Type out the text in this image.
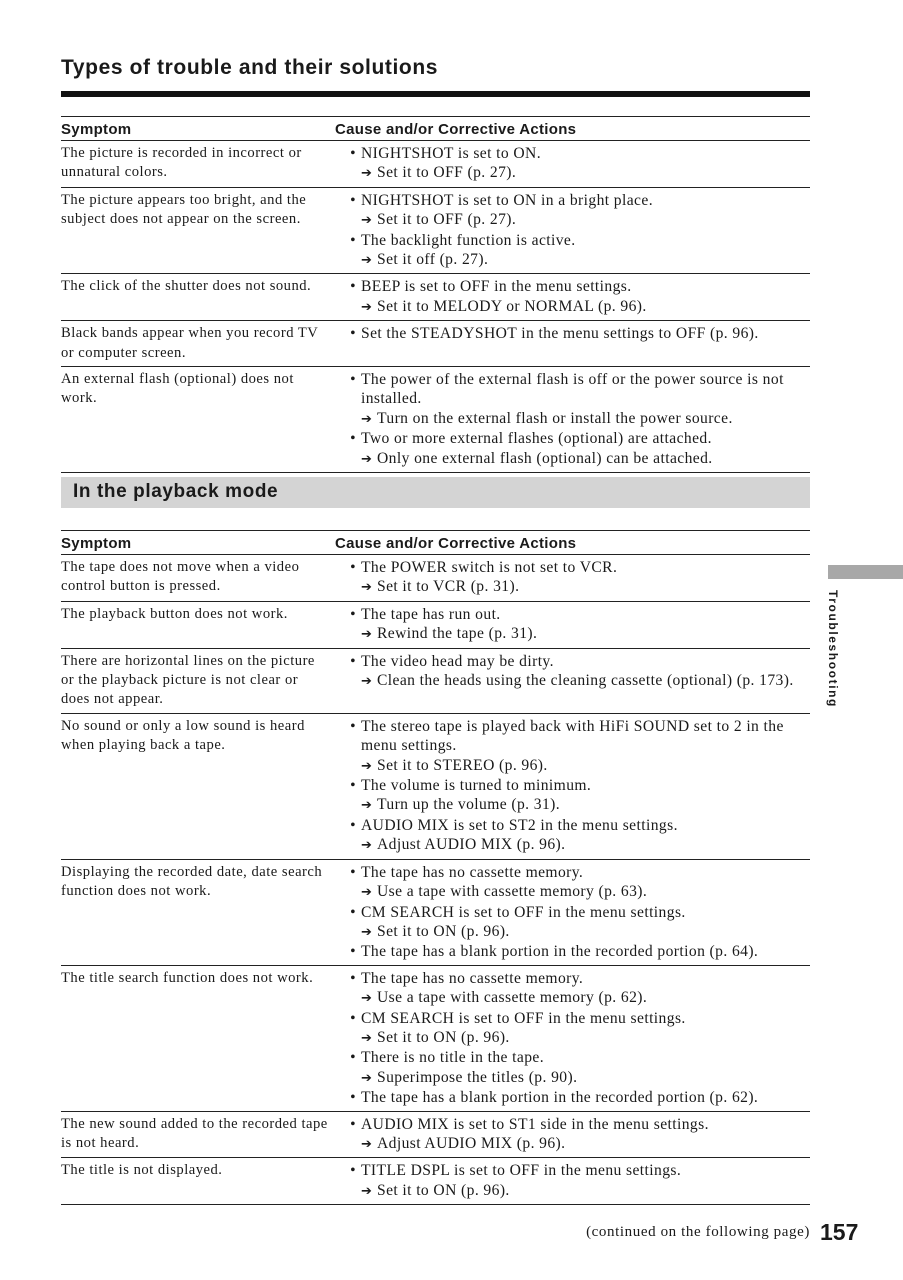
Types of trouble and their solutions
Symptom	Cause and/or Corrective Actions
The picture is recorded in incorrect or unnatural colors.
• NIGHTSHOT is set to ON.
➔ Set it to OFF (p. 27).
The picture appears too bright, and the subject does not appear on the screen.
• NIGHTSHOT is set to ON in a bright place.
➔ Set it to OFF (p. 27).
• The backlight function is active.
➔ Set it off (p. 27).
The click of the shutter does not sound.	• BEEP is set to OFF in the menu settings.
➔ Set it to MELODY or NORMAL (p. 96).
Black bands appear when you record TV or computer screen.
• Set the STEADYSHOT in the menu settings to OFF (p. 96).
An external flash (optional) does not work.
• The power of the external flash is off or the power source is not installed.
➔ Turn on the external flash or install the power source.
• Two or more external flashes (optional) are attached.
➔ Only one external flash (optional) can be attached.
In the playback mode
Symptom	Cause and/or Corrective Actions
The tape does not move when a video control button is pressed.
• The POWER switch is not set to VCR.
➔ Set it to VCR (p. 31).
The playback button does not work.	• The tape has run out.
➔ Rewind the tape (p. 31).
There are horizontal lines on the picture or the playback picture is not clear or does not appear.
• The video head may be dirty.
➔ Clean the heads using the cleaning cassette (optional) (p. 173).
No sound or only a low sound is heard when playing back a tape.
• The stereo tape is played back with HiFi SOUND set to 2 in the menu settings.
➔ Set it to STEREO (p. 96).
• The volume is turned to minimum.
➔ Turn up the volume (p. 31).
• AUDIO MIX is set to ST2 in the menu settings.
➔ Adjust AUDIO MIX (p. 96).
Displaying the recorded date, date search function does not work.
• The tape has no cassette memory.
➔ Use a tape with cassette memory (p. 63).
• CM SEARCH is set to OFF in the menu settings.
➔ Set it to ON (p. 96).
• The tape has a blank portion in the recorded portion (p. 64).
The title search function does not work.	• The tape has no cassette memory.
➔ Use a tape with cassette memory (p. 62).
• CM SEARCH is set to OFF in the menu settings.
➔ Set it to ON (p. 96).
• There is no title in the tape.
➔ Superimpose the titles (p. 90).
• The tape has a blank portion in the recorded portion (p. 62).
The new sound added to the recorded tape is not heard.
• AUDIO MIX is set to ST1 side in the menu settings.
➔ Adjust AUDIO MIX (p. 96).
The title is not displayed.	• TITLE DSPL is set to OFF in the menu settings.
➔ Set it to ON (p. 96).
(continued on the following page) 157
Troubleshooting
